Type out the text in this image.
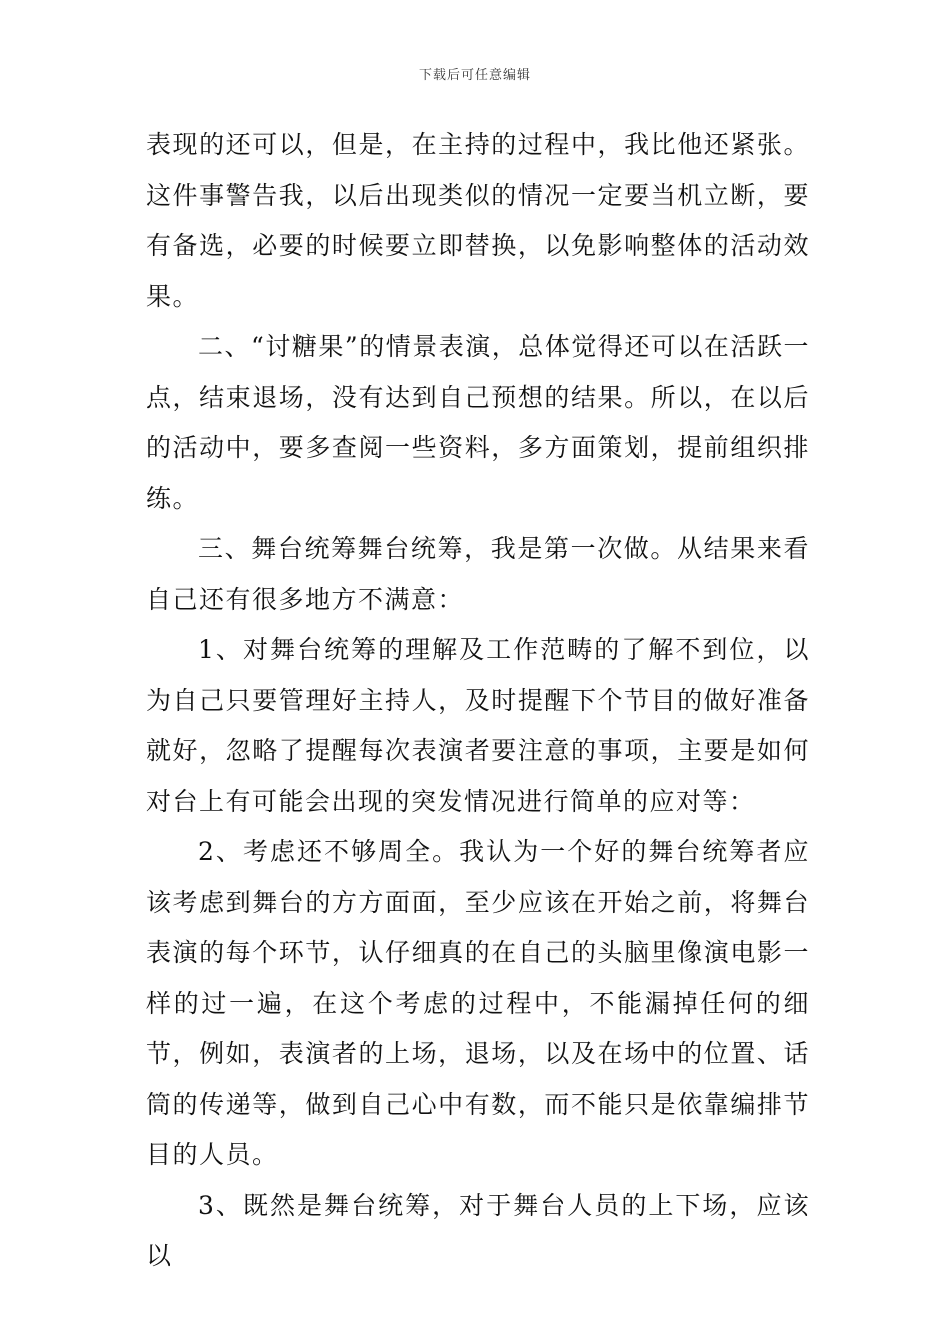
下载后可任意编辑

表现的还可以，但是，在主持的过程中，我比他还紧张。这件事警告我，以后出现类似的情况一定要当机立断，要有备选，必要的时候要立即替换，以免影响整体的活动效果。

二、“讨糖果”的情景表演，总体觉得还可以在活跃一点，结束退场，没有达到自己预想的结果。所以，在以后的活动中，要多查阅一些资料，多方面策划，提前组织排练。

三、舞台统筹舞台统筹，我是第一次做。从结果来看自己还有很多地方不满意：

1、对舞台统筹的理解及工作范畴的了解不到位，以为自己只要管理好主持人，及时提醒下个节目的做好准备就好，忽略了提醒每次表演者要注意的事项，主要是如何对台上有可能会出现的突发情况进行简单的应对等：

2、考虑还不够周全。我认为一个好的舞台统筹者应该考虑到舞台的方方面面，至少应该在开始之前，将舞台表演的每个环节，认仔细真的在自己的头脑里像演电影一样的过一遍，在这个考虑的过程中，不能漏掉任何的细节，例如，表演者的上场，退场，以及在场中的位置、话筒的传递等，做到自己心中有数，而不能只是依靠编排节目的人员。

3、既然是舞台统筹，对于舞台人员的上下场，应该以
